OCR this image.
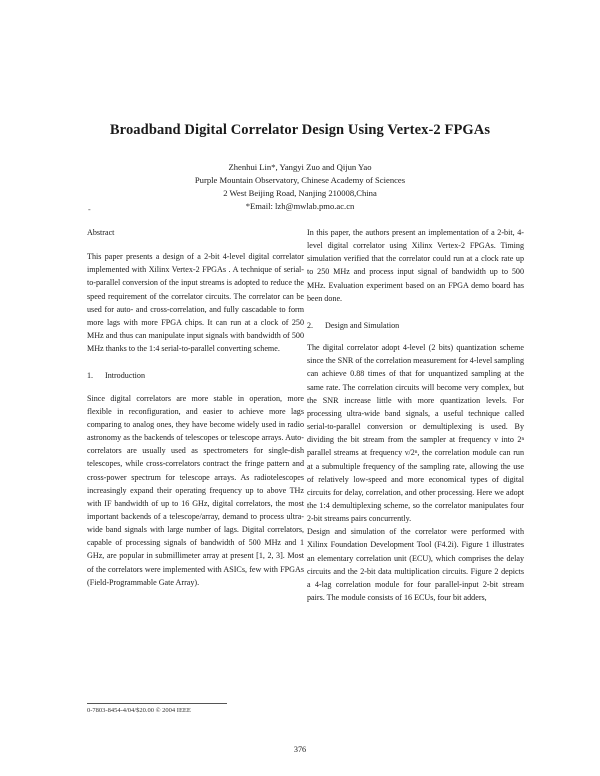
Broadband Digital Correlator Design Using Vertex-2 FPGAs
Zhenhui Lin*, Yangyi Zuo and Qijun Yao
Purple Mountain Observatory, Chinese Academy of Sciences
2 West Beijing Road, Nanjing 210008,China
*Email: lzh@mwlab.pmo.ac.cn
-
Abstract

This paper presents a design of a 2-bit 4-level digital correlator implemented with Xilinx Vertex-2 FPGAs . A technique of serial-to-parallel conversion of the input streams is adopted to reduce the speed requirement of the correlator circuits. The correlator can be used for auto- and cross-correlation, and fully cascadable to form more lags with more FPGA chips. It can run at a clock of 250 MHz and thus can manipulate input signals with bandwidth of 500 MHz thanks to the 1:4 serial-to-parallel converting scheme.

1. Introduction

Since digital correlators are more stable in operation, more flexible in reconfiguration, and easier to achieve more lags comparing to analog ones, they have become widely used in radio astronomy as the backends of telescopes or telescope arrays. Auto-correlators are usually used as spectrometers for single-dish telescopes, while cross-correlators contract the fringe pattern and cross-power spectrum for telescope arrays. As radiotelescopes increasingly expand their operating frequency up to above THz with IF bandwidth of up to 16 GHz, digital correlators, the most important backends of a telescope/array, demand to process ultra-wide band signals with large number of lags. Digital correlators, capable of processing signals of bandwidth of 500 MHz and 1 GHz, are popular in submillimeter array at present [1, 2, 3]. Most of the correlators were implemented with ASICs, few with FPGAs (Field-Programmable Gate Array).

In this paper, the authors present an implementation of a 2-bit, 4-level digital correlator using Xilinx Vertex-2 FPGAs. Timing simulation verified that the correlator could run at a clock rate up to 250 MHz and process input signal of bandwidth up to 500 MHz. Evaluation experiment based on an FPGA demo board has been done.

2. Design and Simulation

The digital correlator adopt 4-level (2 bits) quantization scheme since the SNR of the correlation measurement for 4-level sampling can achieve 0.88 times of that for unquantized sampling at the same rate. The correlation circuits will become very complex, but the SNR increase little with more quantization levels. For processing ultra-wide band signals, a useful technique called serial-to-parallel conversion or demultiplexing is used. By dividing the bit stream from the sampler at frequency ν into 2ⁿ parallel streams at frequency ν/2ⁿ, the correlation module can run at a submultiple frequency of the sampling rate, allowing the use of relatively low-speed and more economical types of digital circuits for delay, correlation, and other processing. Here we adopt the 1:4 demultiplexing scheme, so the correlator manipulates four 2-bit streams pairs concurrently.

Design and simulation of the correlator were performed with Xilinx Foundation Development Tool (F4.2i). Figure 1 illustrates an elementary correlation unit (ECU), which comprises the delay circuits and the 2-bit data multiplication circuits. Figure 2 depicts a 4-lag correlation module for four parallel-input 2-bit stream pairs. The module consists of 16 ECUs, four bit adders,

0-7803-8454-4/04/$20.00 © 2004 IEEE
376
